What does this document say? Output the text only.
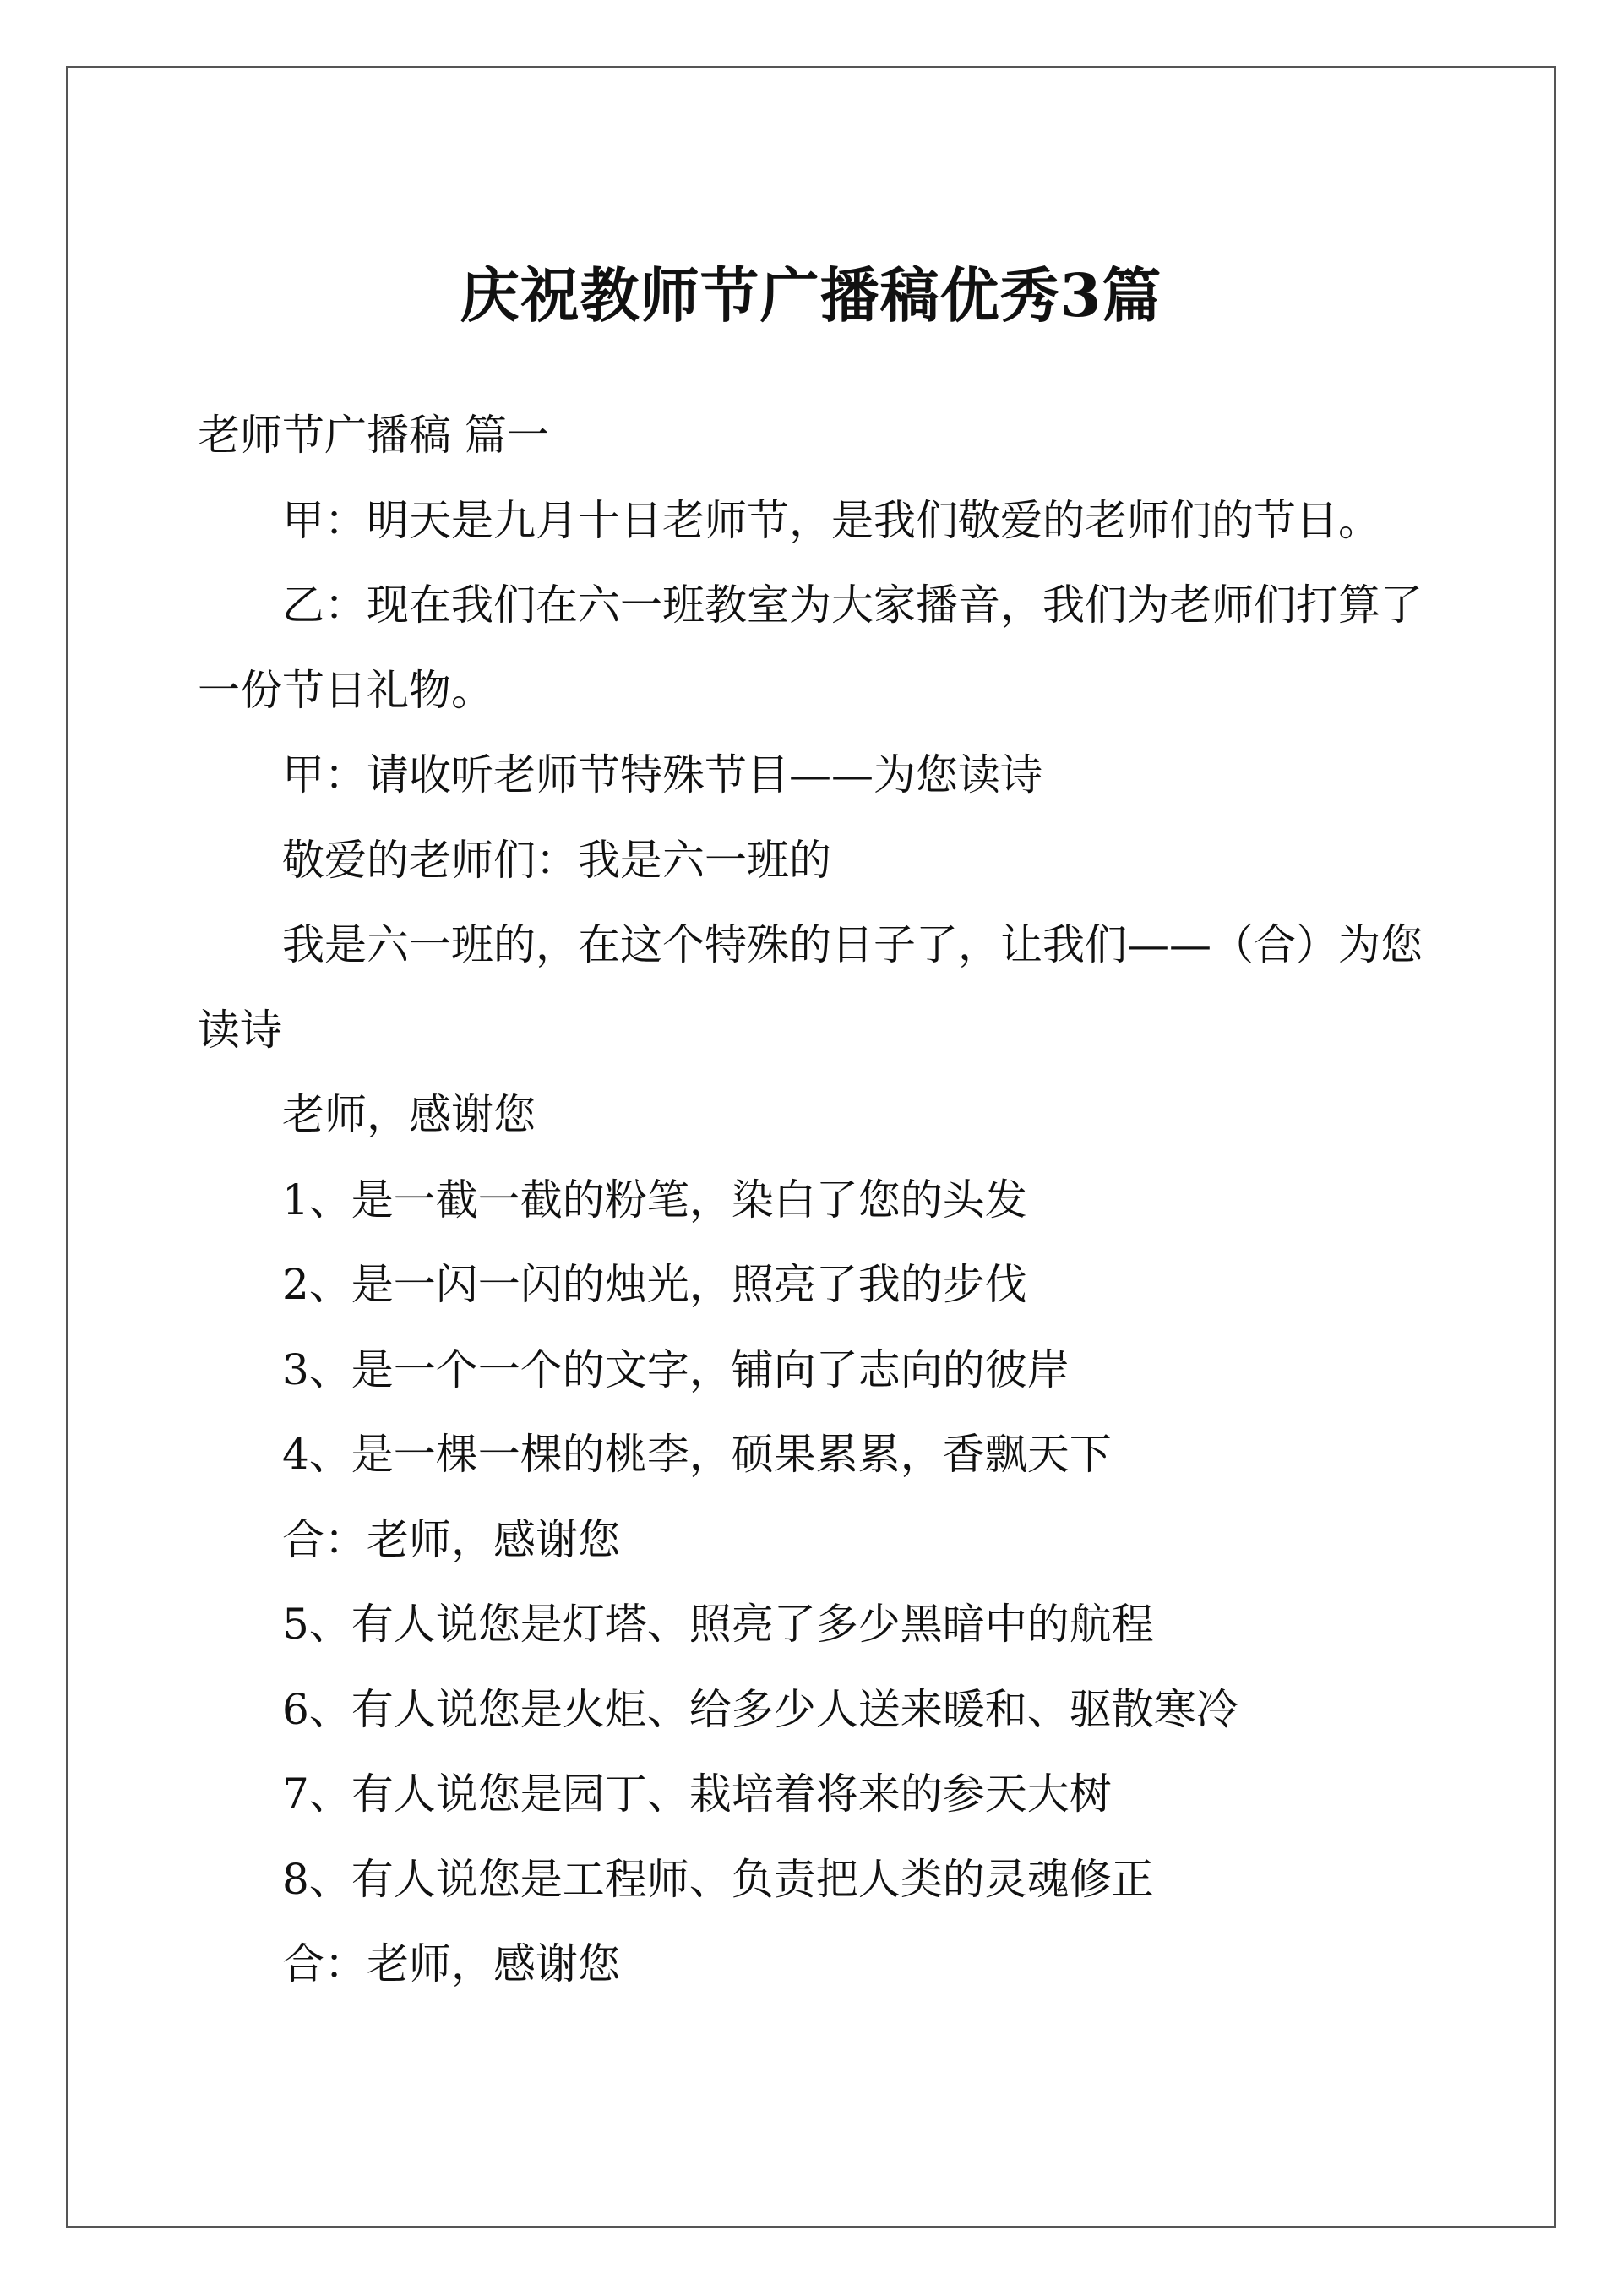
庆祝教师节广播稿优秀3篇

老师节广播稿 篇一

甲：明天是九月十日老师节，是我们敬爱的老师们的节日。

乙：现在我们在六一班教室为大家播音，我们为老师们打算了一份节日礼物。

甲：请收听老师节特殊节目——为您读诗

敬爱的老师们：我是六一班的

我是六一班的，在这个特殊的日子了，让我们——（合）为您读诗

老师，感谢您

1、是一截一截的粉笔，染白了您的头发

2、是一闪一闪的烛光，照亮了我的步伐

3、是一个一个的文字，铺向了志向的彼岸

4、是一棵一棵的桃李，硕果累累，香飘天下

合：老师，感谢您

5、有人说您是灯塔、照亮了多少黑暗中的航程

6、有人说您是火炬、给多少人送来暖和、驱散寒冷

7、有人说您是园丁、栽培着将来的参天大树

8、有人说您是工程师、负责把人类的灵魂修正

合：老师，感谢您
